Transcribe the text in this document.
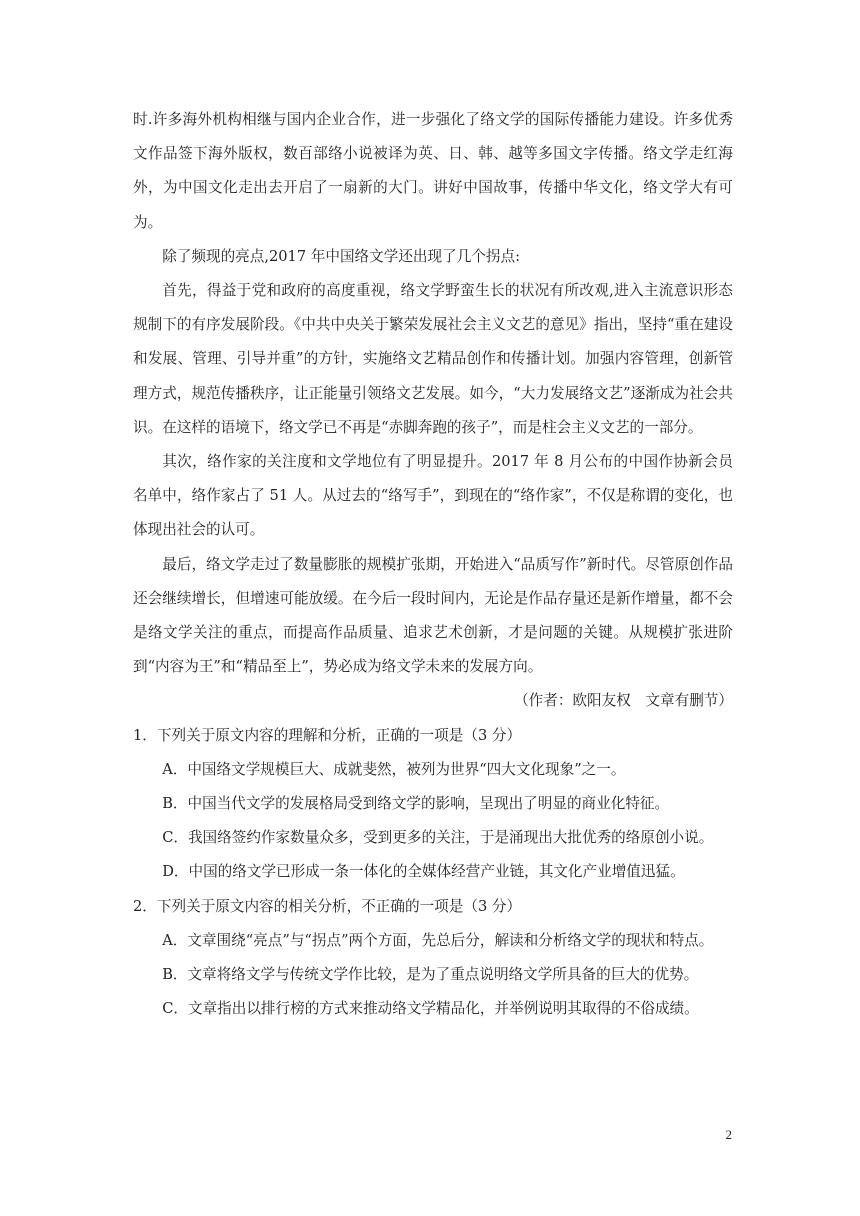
时.许多海外机构相继与国内企业合作，进一步强化了络文学的国际传播能力建设。许多优秀文作品签下海外版权，数百部络小说被译为英、日、韩、越等多国文字传播。络文学走红海外，为中国文化走出去开启了一扇新的大门。讲好中国故事，传播中华文化，络文学大有可为。

除了频现的亮点,2017 年中国络文学还出现了几个拐点:

首先，得益于党和政府的高度重视，络文学野蛮生长的状况有所改观,进入主流意识形态规制下的有序发展阶段。《中共中央关于繁荣发展社会主义文艺的意见》指出，坚持“重在建设和发展、管理、引导并重”的方针，实施络文艺精品创作和传播计划。加强内容管理，创新管理方式，规范传播秩序，让正能量引领络文艺发展。如今，“大力发展络文艺”逐渐成为社会共识。在这样的语境下，络文学已不再是“赤脚奔跑的孩子”，而是柱会主义文艺的一部分。

其次，络作家的关注度和文学地位有了明显提升。2017 年 8 月公布的中国作协新会员名单中，络作家占了 51 人。从过去的“络写手”，到现在的“络作家”，不仅是称谓的变化，也体现出社会的认可。

最后，络文学走过了数量膨胀的规模扩张期，开始进入“品质写作”新时代。尽管原创作品还会继续增长，但增速可能放缓。在今后一段时间内，无论是作品存量还是新作增量，都不会是络文学关注的重点，而提高作品质量、追求艺术创新，才是问题的关键。从规模扩张进阶到“内容为王”和“精品至上”，势必成为络文学未来的发展方向。

（作者：欧阳友权　文章有删节）

1．下列关于原文内容的理解和分析，正确的一项是（3 分）

A．中国络文学规模巨大、成就斐然，被列为世界“四大文化现象”之一。

B．中国当代文学的发展格局受到络文学的影响，呈现出了明显的商业化特征。

C．我国络签约作家数量众多，受到更多的关注，于是涌现出大批优秀的络原创小说。

D．中国的络文学已形成一条一体化的全媒体经营产业链，其文化产业增值迅猛。

2．下列关于原文内容的相关分析，不正确的一项是（3 分）

A．文章围绕“亮点”与“拐点”两个方面，先总后分，解读和分析络文学的现状和特点。

B．文章将络文学与传统文学作比较，是为了重点说明络文学所具备的巨大的优势。

C．文章指出以排行榜的方式来推动络文学精品化，并举例说明其取得的不俗成绩。

2
